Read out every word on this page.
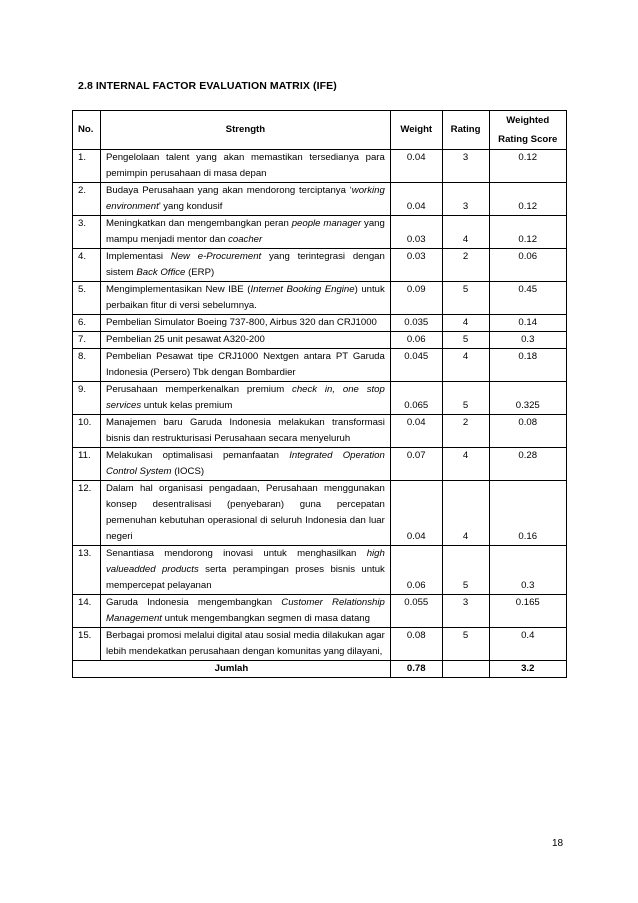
2.8 INTERNAL FACTOR EVALUATION MATRIX (IFE)
No.	Strength	Weight	Rating	Weighted Rating Score
1.	Pengelolaan talent yang akan memastikan tersedianya para pemimpin perusahaan di masa depan	0.04	3	0.12
2.	Budaya Perusahaan yang akan mendorong terciptanya ‘working environment’ yang kondusif	0.04	3	0.12
3.	Meningkatkan dan mengembangkan peran people manager yang mampu menjadi mentor dan coacher	0.03	4	0.12
4.	Implementasi New e-Procurement yang terintegrasi dengan sistem Back Office (ERP)	0.03	2	0.06
5.	Mengimplementasikan New IBE (Internet Booking Engine) untuk perbaikan fitur di versi sebelumnya.	0.09	5	0.45
6.	Pembelian Simulator Boeing 737-800, Airbus 320 dan CRJ1000	0.035	4	0.14
7.	Pembelian 25 unit pesawat A320-200	0.06	5	0.3
8.	Pembelian Pesawat tipe CRJ1000 Nextgen antara PT Garuda Indonesia (Persero) Tbk dengan Bombardier	0.045	4	0.18
9.	Perusahaan memperkenalkan premium check in, one stop services untuk kelas premium	0.065	5	0.325
10.	Manajemen baru Garuda Indonesia melakukan transformasi bisnis dan restrukturisasi Perusahaan secara menyeluruh	0.04	2	0.08
11.	Melakukan optimalisasi pemanfaatan Integrated Operation Control System (IOCS)	0.07	4	0.28
12.	Dalam hal organisasi pengadaan, Perusahaan menggunakan konsep desentralisasi (penyebaran) guna percepatan pemenuhan kebutuhan operasional di seluruh Indonesia dan luar negeri	0.04	4	0.16
13.	Senantiasa mendorong inovasi untuk menghasilkan high valueadded products serta perampingan proses bisnis untuk mempercepat pelayanan	0.06	5	0.3
14.	Garuda Indonesia mengembangkan Customer Relationship Management untuk mengembangkan segmen di masa datang	0.055	3	0.165
15.	Berbagai promosi melalui digital atau sosial media dilakukan agar lebih mendekatkan perusahaan dengan komunitas yang dilayani,	0.08	5	0.4
Jumlah		0.78		3.2
18
